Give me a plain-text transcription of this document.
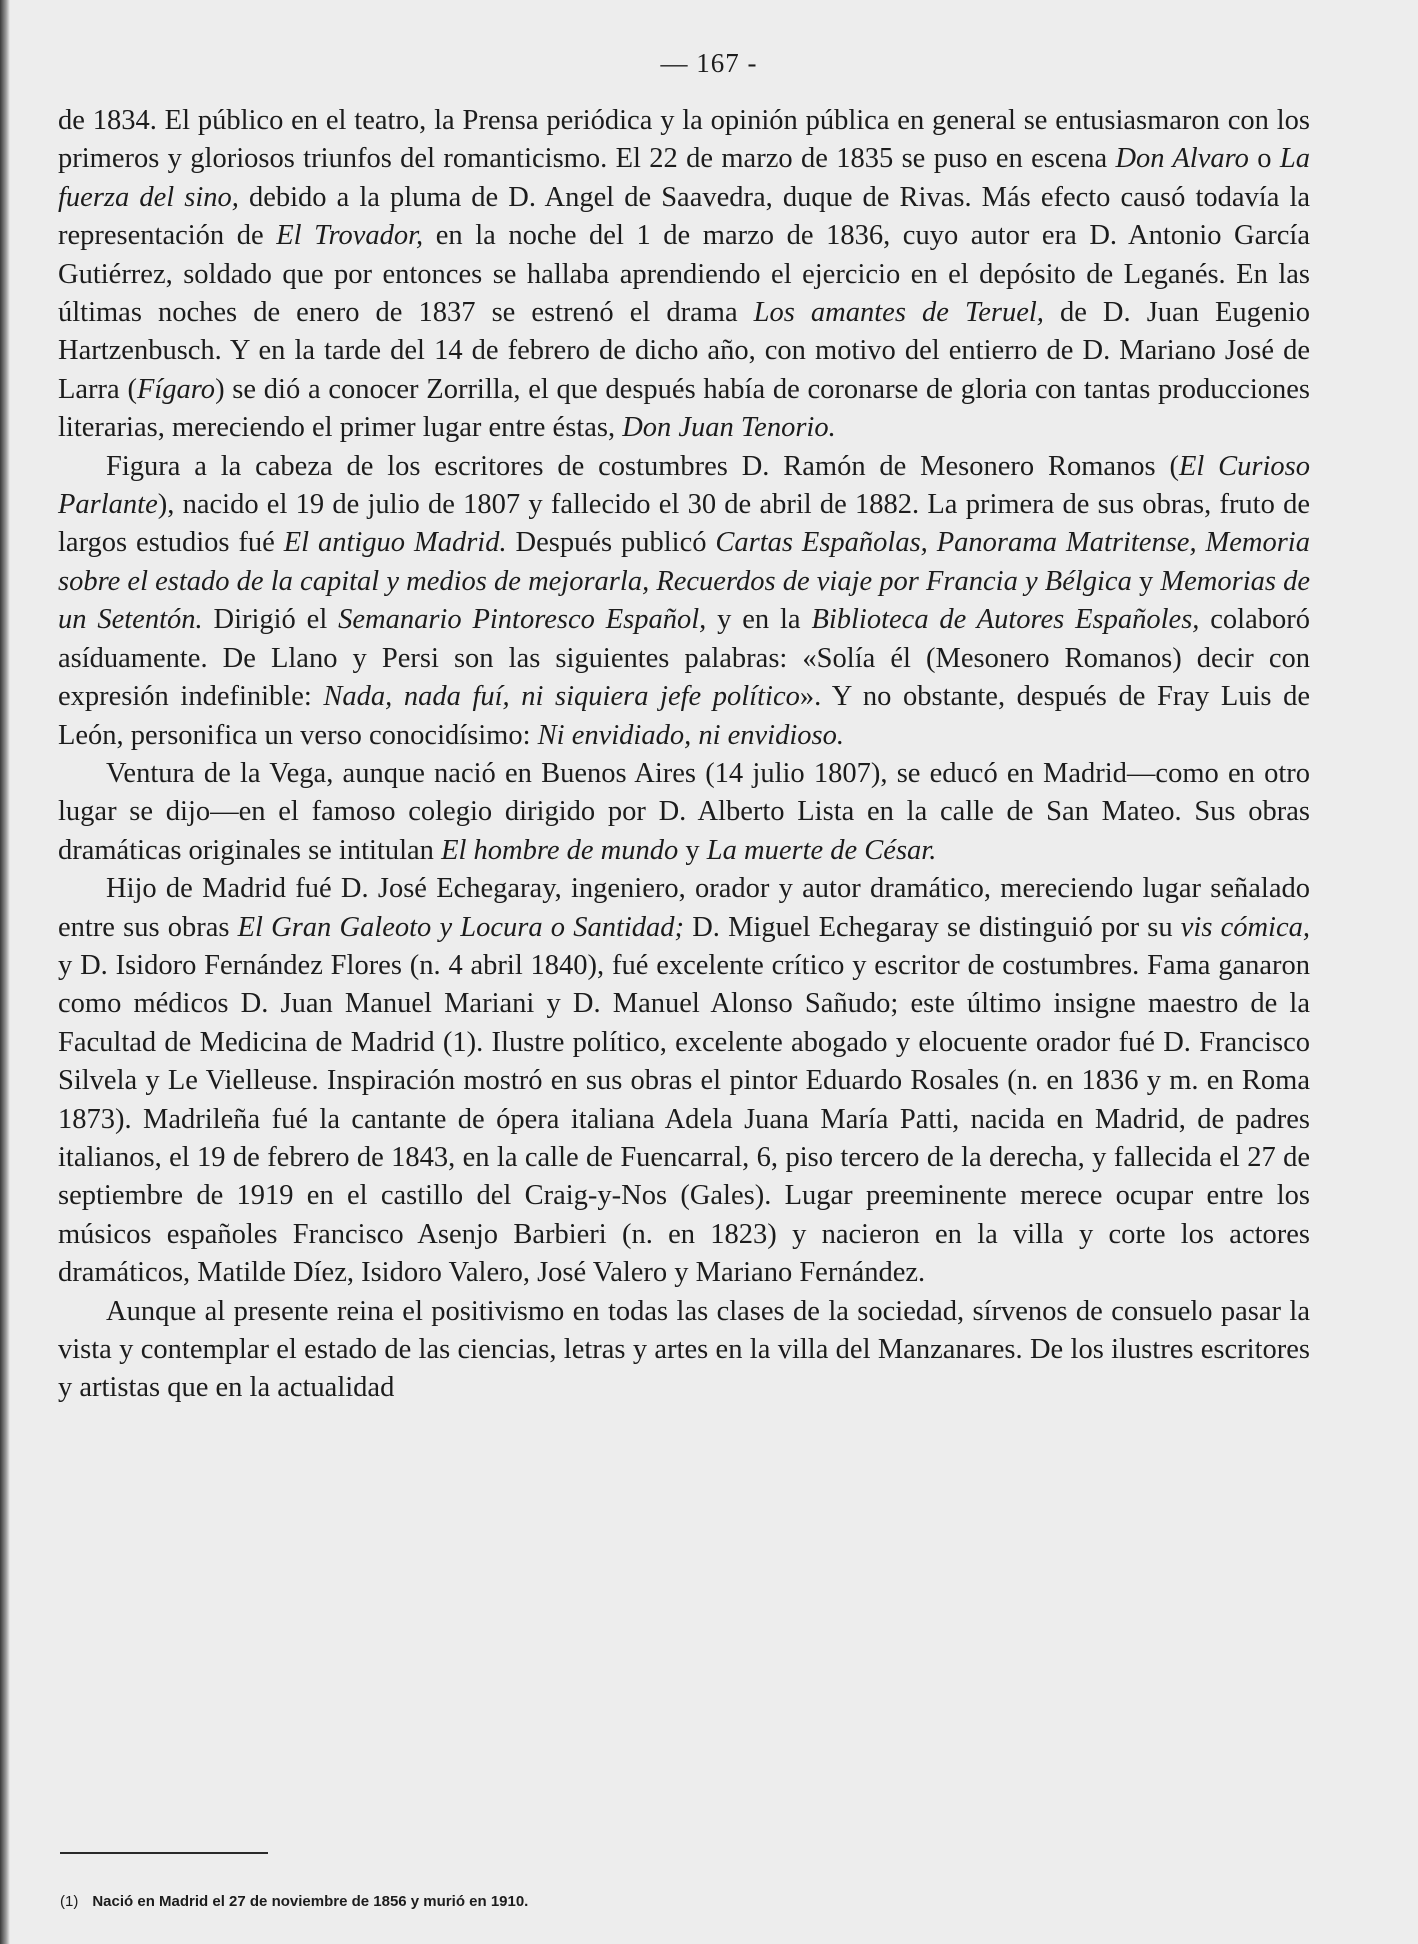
— 167 -

de 1834. El público en el teatro, la Prensa periódica y la opinión pública en general se entusiasmaron con los primeros y gloriosos triunfos del romanticismo. El 22 de marzo de 1835 se puso en escena Don Alvaro o La fuerza del sino, debido a la pluma de D. Angel de Saavedra, duque de Rivas. Más efecto causó todavía la representación de El Trovador, en la noche del 1 de marzo de 1836, cuyo autor era D. Antonio García Gutiérrez, soldado que por entonces se hallaba aprendiendo el ejercicio en el depósito de Leganés. En las últimas noches de enero de 1837 se estrenó el drama Los amantes de Teruel, de D. Juan Eugenio Hartzenbusch. Y en la tarde del 14 de febrero de dicho año, con motivo del entierro de D. Mariano José de Larra (Fígaro) se dió a conocer Zorrilla, el que después había de coronarse de gloria con tantas producciones literarias, mereciendo el primer lugar entre éstas, Don Juan Tenorio.

Figura a la cabeza de los escritores de costumbres D. Ramón de Mesonero Romanos (El Curioso Parlante), nacido el 19 de julio de 1807 y fallecido el 30 de abril de 1882. La primera de sus obras, fruto de largos estudios fué El antiguo Madrid. Después publicó Cartas Españolas, Panorama Matritense, Memoria sobre el estado de la capital y medios de mejorarla, Recuerdos de viaje por Francia y Bélgica y Memorias de un Setentón. Dirigió el Semanario Pintoresco Español, y en la Biblioteca de Autores Españoles, colaboró asíduamente. De Llano y Persi son las siguientes palabras: «Solía él (Mesonero Romanos) decir con expresión indefinible: Nada, nada fuí, ni siquiera jefe político». Y no obstante, después de Fray Luis de León, personifica un verso conocidísimo: Ni envidiado, ni envidioso.

Ventura de la Vega, aunque nació en Buenos Aires (14 julio 1807), se educó en Madrid—como en otro lugar se dijo—en el famoso colegio dirigido por D. Alberto Lista en la calle de San Mateo. Sus obras dramáticas originales se intitulan El hombre de mundo y La muerte de César.

Hijo de Madrid fué D. José Echegaray, ingeniero, orador y autor dramático, mereciendo lugar señalado entre sus obras El Gran Galeoto y Locura o Santidad; D. Miguel Echegaray se distinguió por su vis cómica, y D. Isidoro Fernández Flores (n. 4 abril 1840), fué excelente crítico y escritor de costumbres. Fama ganaron como médicos D. Juan Manuel Mariani y D. Manuel Alonso Sañudo; este último insigne maestro de la Facultad de Medicina de Madrid (1). Ilustre político, excelente abogado y elocuente orador fué D. Francisco Silvela y Le Vielleuse. Inspiración mostró en sus obras el pintor Eduardo Rosales (n. en 1836 y m. en Roma 1873). Madrileña fué la cantante de ópera italiana Adela Juana María Patti, nacida en Madrid, de padres italianos, el 19 de febrero de 1843, en la calle de Fuencarral, 6, piso tercero de la derecha, y fallecida el 27 de septiembre de 1919 en el castillo del Craig-y-Nos (Gales). Lugar preeminente merece ocupar entre los músicos españoles Francisco Asenjo Barbieri (n. en 1823) y nacieron en la villa y corte los actores dramáticos, Matilde Díez, Isidoro Valero, José Valero y Mariano Fernández.

Aunque al presente reina el positivismo en todas las clases de la sociedad, sírvenos de consuelo pasar la vista y contemplar el estado de las ciencias, letras y artes en la villa del Manzanares. De los ilustres escritores y artistas que en la actualidad

(1) Nació en Madrid el 27 de noviembre de 1856 y murió en 1910.
